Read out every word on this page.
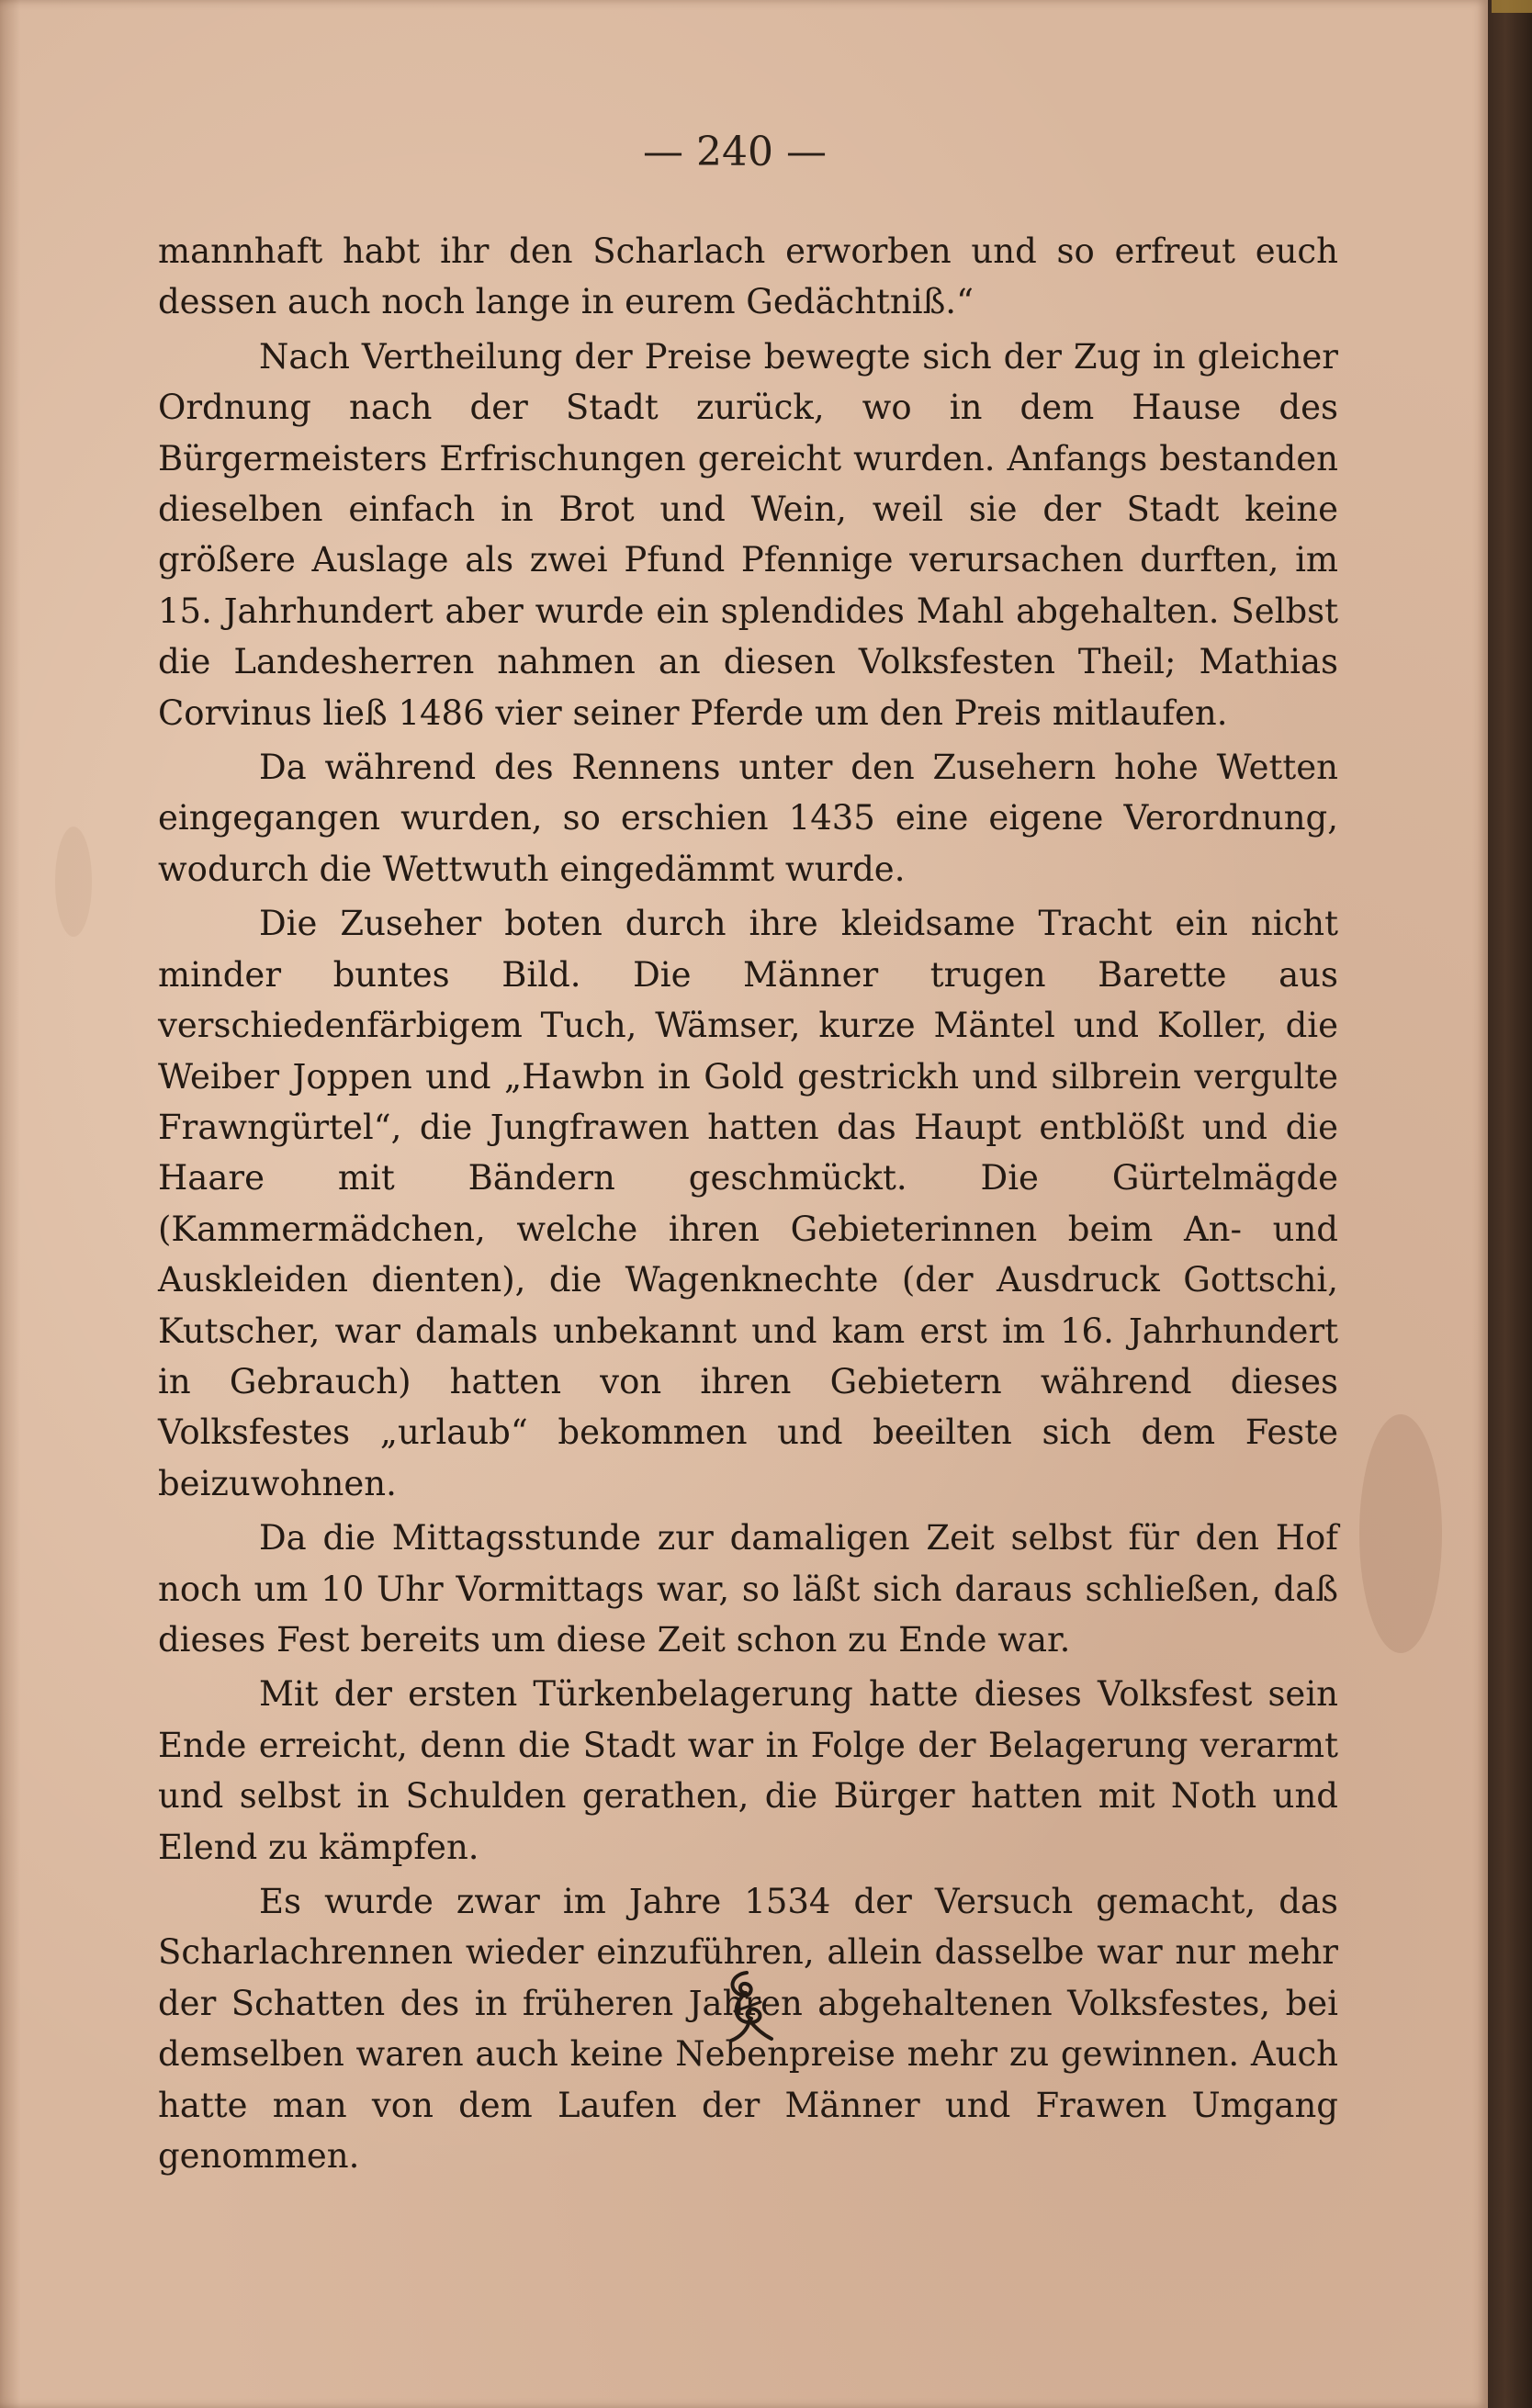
— 240 —

mannhaft habt ihr den Scharlach erworben und so erfreut euch dessen auch noch lange in eurem Gedächtniß.“

Nach Vertheilung der Preise bewegte sich der Zug in gleicher Ordnung nach der Stadt zurück, wo in dem Hause des Bürgermeisters Erfrischungen gereicht wurden. Anfangs bestanden dieselben einfach in Brot und Wein, weil sie der Stadt keine größere Auslage als zwei Pfund Pfennige verursachen durften, im 15. Jahrhundert aber wurde ein splendides Mahl abgehalten. Selbst die Landesherren nahmen an diesen Volksfesten Theil; Mathias Corvinus ließ 1486 vier seiner Pferde um den Preis mitlaufen.

Da während des Rennens unter den Zusehern hohe Wetten eingegangen wurden, so erschien 1435 eine eigene Verordnung, wodurch die Wettwuth eingedämmt wurde.

Die Zuseher boten durch ihre kleidsame Tracht ein nicht minder buntes Bild. Die Männer trugen Barette aus verschiedenfärbigem Tuch, Wämser, kurze Mäntel und Koller, die Weiber Joppen und „Hawbn in Gold gestrickh und silbrein vergulte Frawngürtel“, die Jungfrawen hatten das Haupt entblößt und die Haare mit Bändern geschmückt. Die Gürtelmägde (Kammermädchen, welche ihren Gebieterinnen beim An- und Auskleiden dienten), die Wagenknechte (der Ausdruck Gottschi, Kutscher, war damals unbekannt und kam erst im 16. Jahrhundert in Gebrauch) hatten von ihren Gebietern während dieses Volksfestes „urlaub“ bekommen und beeilten sich dem Feste beizuwohnen.

Da die Mittagsstunde zur damaligen Zeit selbst für den Hof noch um 10 Uhr Vormittags war, so läßt sich daraus schließen, daß dieses Fest bereits um diese Zeit schon zu Ende war.

Mit der ersten Türkenbelagerung hatte dieses Volksfest sein Ende erreicht, denn die Stadt war in Folge der Belagerung verarmt und selbst in Schulden gerathen, die Bürger hatten mit Noth und Elend zu kämpfen.

Es wurde zwar im Jahre 1534 der Versuch gemacht, das Scharlachrennen wieder einzuführen, allein dasselbe war nur mehr der Schatten des in früheren Jahren abgehaltenen Volksfestes, bei demselben waren auch keine Nebenpreise mehr zu gewinnen. Auch hatte man von dem Laufen der Männer und Frawen Umgang genommen.
